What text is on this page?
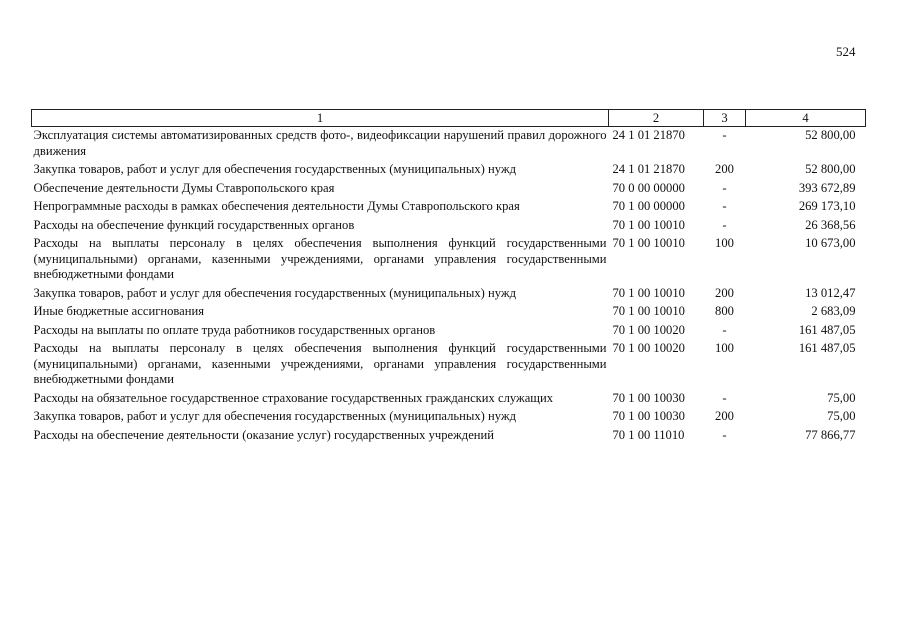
524
1	2	3	4
Эксплуатация системы автоматизированных средств фото-, видеофиксации нарушений правил дорожного движения	24 1 01 21870	-	52 800,00
Закупка товаров, работ и услуг для обеспечения государственных (муниципальных) нужд	24 1 01 21870	200	52 800,00
Обеспечение деятельности Думы Ставропольского края	70 0 00 00000	-	393 672,89
Непрограммные расходы в рамках обеспечения деятельности Думы Ставропольского края	70 1 00 00000	-	269 173,10
Расходы на обеспечение функций государственных органов	70 1 00 10010	-	26 368,56
Расходы на выплаты персоналу в целях обеспечения выполнения функций государственными (муниципальными) органами, казенными учреждениями, органами управления государственными внебюджетными фондами	70 1 00 10010	100	10 673,00
Закупка товаров, работ и услуг для обеспечения государственных (муниципальных) нужд	70 1 00 10010	200	13 012,47
Иные бюджетные ассигнования	70 1 00 10010	800	2 683,09
Расходы на выплаты по оплате труда работников государственных органов	70 1 00 10020	-	161 487,05
Расходы на выплаты персоналу в целях обеспечения выполнения функций государственными (муниципальными) органами, казенными учреждениями, органами управления государственными внебюджетными фондами	70 1 00 10020	100	161 487,05
Расходы на обязательное государственное страхование государственных гражданских служащих	70 1 00 10030	-	75,00
Закупка товаров, работ и услуг для обеспечения государственных (муниципальных) нужд	70 1 00 10030	200	75,00
Расходы на обеспечение деятельности (оказание услуг) государственных учреждений	70 1 00 11010	-	77 866,77
